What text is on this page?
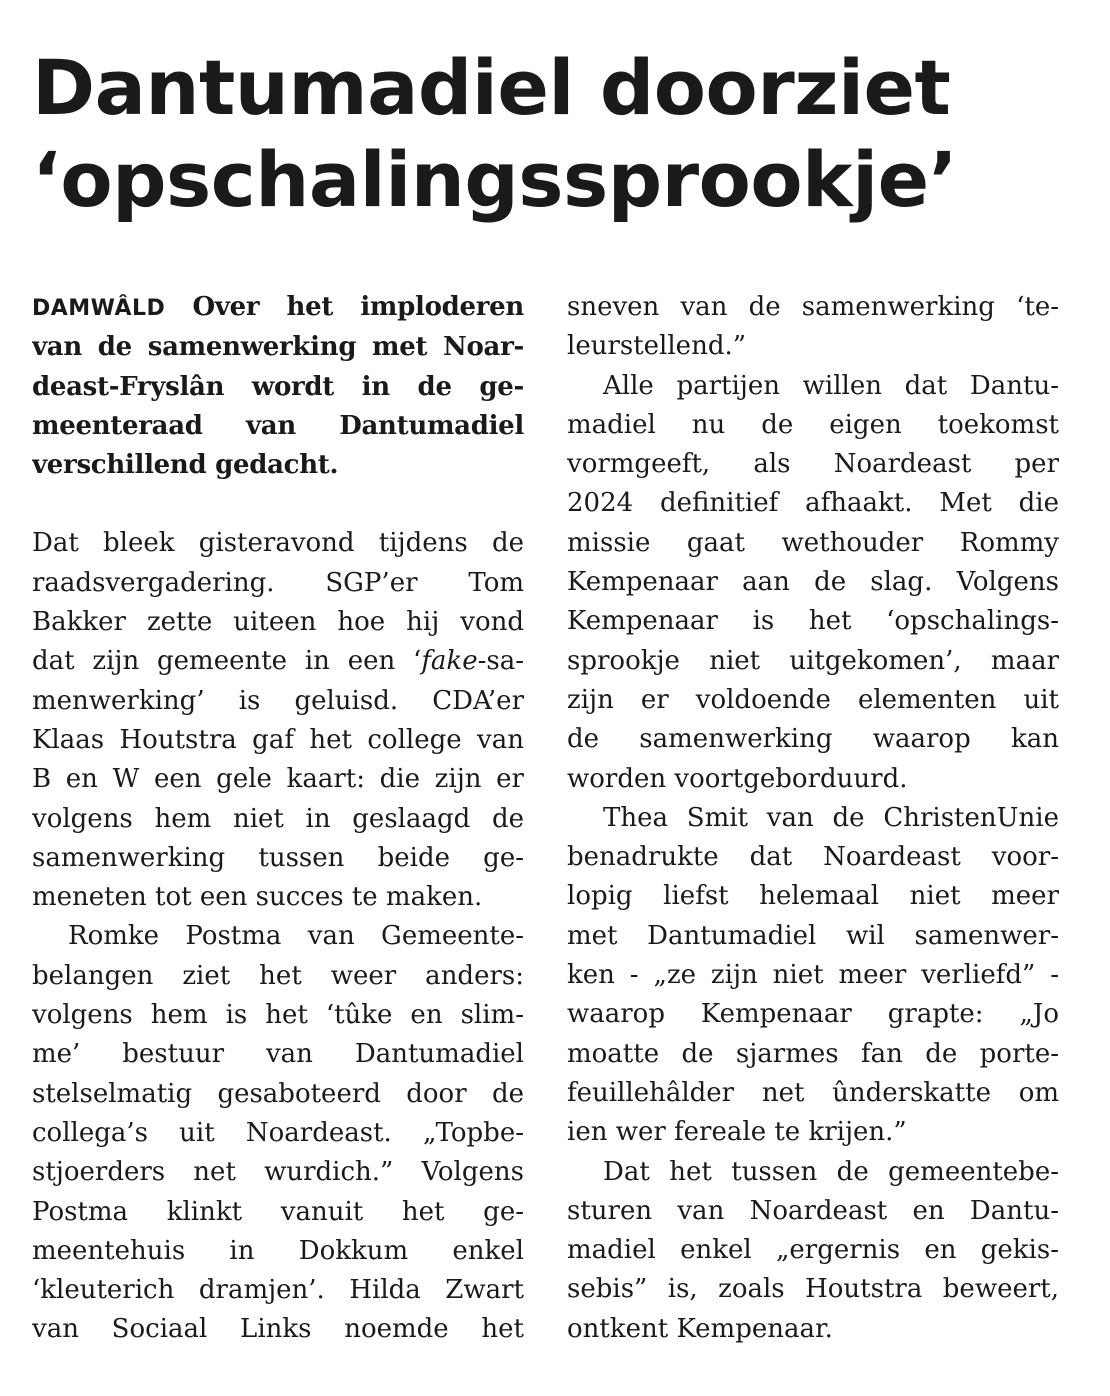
Dantumadiel doorziet
‘opschalingssprookje’
DAMWÂLD Over het imploderen
van de samenwerking met Noar-
deast-Fryslân wordt in de ge-
meenteraad van Dantumadiel
verschillend gedacht.
Dat bleek gisteravond tijdens de
raadsvergadering. SGP’er Tom
Bakker zette uiteen hoe hij vond
dat zijn gemeente in een ‘fake-sa-
menwerking’ is geluisd. CDA’er
Klaas Houtstra gaf het college van
B en W een gele kaart: die zijn er
volgens hem niet in geslaagd de
samenwerking tussen beide ge-
meneten tot een succes te maken.
Romke Postma van Gemeente-
belangen ziet het weer anders:
volgens hem is het ‘tûke en slim-
me’ bestuur van Dantumadiel
stelselmatig gesaboteerd door de
collega’s uit Noardeast. „Topbe-
stjoerders net wurdich.” Volgens
Postma klinkt vanuit het ge-
meentehuis in Dokkum enkel
‘kleuterich dramjen’. Hilda Zwart
van Sociaal Links noemde het
sneven van de samenwerking ‘te-
leurstellend.”
Alle partijen willen dat Dantu-
madiel nu de eigen toekomst
vormgeeft, als Noardeast per
2024 definitief afhaakt. Met die
missie gaat wethouder Rommy
Kempenaar aan de slag. Volgens
Kempenaar is het ‘opschalings-
sprookje niet uitgekomen’, maar
zijn er voldoende elementen uit
de samenwerking waarop kan
worden voortgeborduurd.
Thea Smit van de ChristenUnie
benadrukte dat Noardeast voor-
lopig liefst helemaal niet meer
met Dantumadiel wil samenwer-
ken - „ze zijn niet meer verliefd” -
waarop Kempenaar grapte: „Jo
moatte de sjarmes fan de porte-
feuillehâlder net ûnderskatte om
ien wer fereale te krijen.”
Dat het tussen de gemeentebe-
sturen van Noardeast en Dantu-
madiel enkel „ergernis en gekis-
sebis” is, zoals Houtstra beweert,
ontkent Kempenaar.
